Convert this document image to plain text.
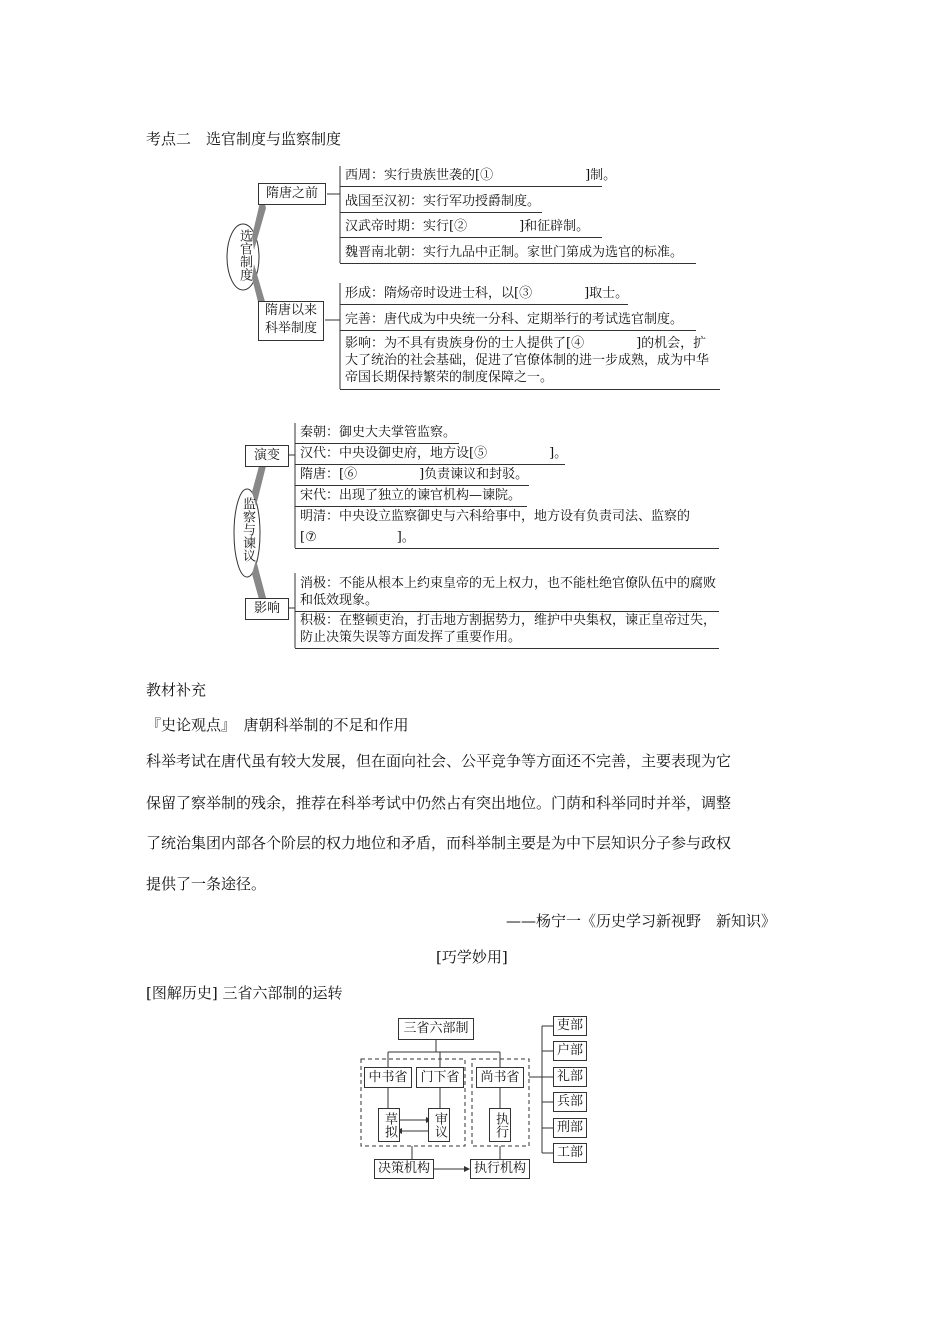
考点二　选官制度与监察制度
选官制度
隋唐之前
隋唐以来
科举制度
西周：实行贵族世袭的[①	]制。
战国至汉初：实行军功授爵制度。
汉武帝时期：实行[②	]和征辟制。
魏晋南北朝：实行九品中正制。家世门第成为选官的标准。
形成：隋炀帝时设进士科，以[③	]取士。
完善：唐代成为中央统一分科、定期举行的考试选官制度。
影响：为不具有贵族身份的士人提供了[④	]的机会，扩
大了统治的社会基础，促进了官僚体制的进一步成熟，成为中华
帝国长期保持繁荣的制度保障之一。
监察与谏议
演变
影响
秦朝：御史大夫掌管监察。
汉代：中央设御史府，地方设[⑤	]。
隋唐：[⑥	]负责谏议和封驳。
宋代：出现了独立的谏官机构—谏院。
明清：中央设立监察御史与六科给事中，地方设有负责司法、监察的
[⑦	]。
消极：不能从根本上约束皇帝的无上权力，也不能杜绝官僚队伍中的腐败
和低效现象。
积极：在整顿吏治，打击地方割据势力，维护中央集权，谏正皇帝过失，
防止决策失误等方面发挥了重要作用。
教材补充
『史论观点』　唐朝科举制的不足和作用
科举考试在唐代虽有较大发展，但在面向社会、公平竞争等方面还不完善，主要表现为它
保留了察举制的残余，推荐在科举考试中仍然占有突出地位。门荫和科举同时并举，调整
了统治集团内部各个阶层的权力地位和矛盾，而科举制主要是为中下层知识分子参与政权
提供了一条途径。
——杨宁一《历史学习新视野　新知识》
[巧学妙用]
[图解历史] 三省六部制的运转
三省六部制
中书省 门下省	尚书省
草拟	审议	执行
决策机构	执行机构
吏部
户部
礼部
兵部
刑部
工部
